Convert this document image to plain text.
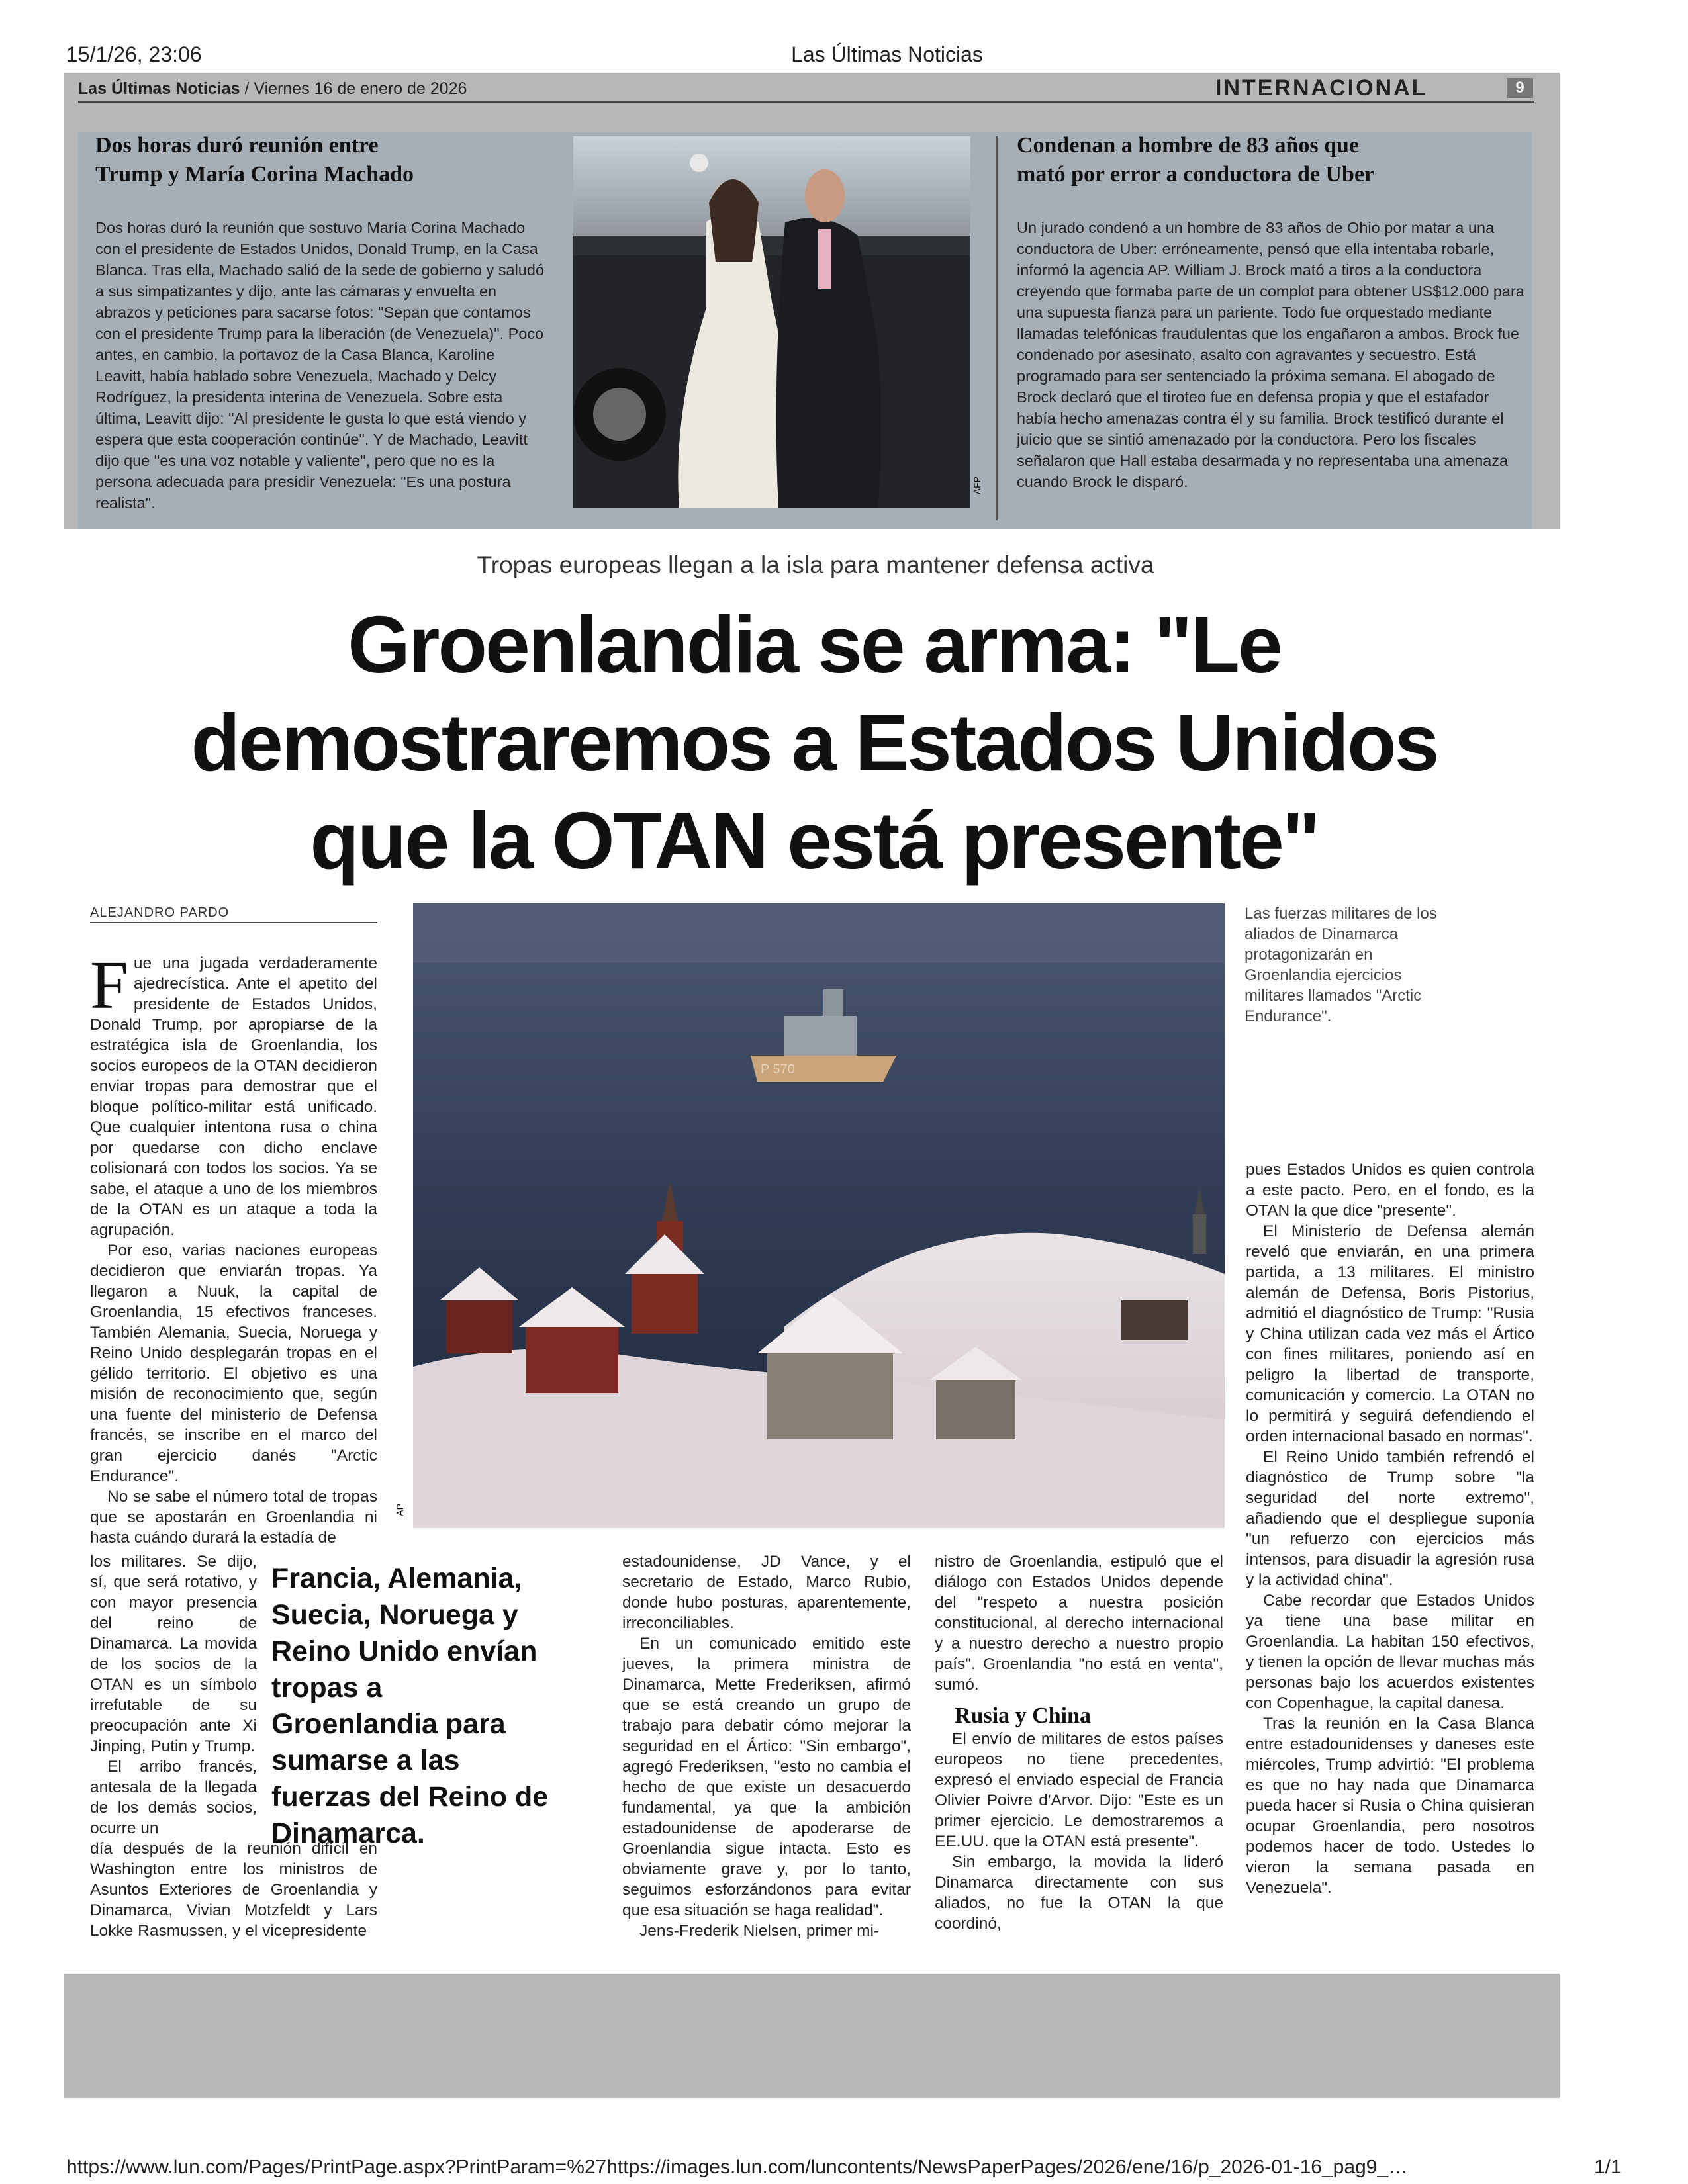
15/1/26, 23:06	Las Últimas Noticias
Las Últimas Noticias / Viernes 16 de enero de 2026	INTERNACIONAL	9
Dos horas duró reunión entre
Trump y María Corina Machado
Dos horas duró la reunión que sostuvo María Corina Machado con el presidente de Estados Unidos, Donald Trump, en la Casa Blanca. Tras ella, Machado salió de la sede de gobierno y saludó a sus simpatizantes y dijo, ante las cámaras y envuelta en abrazos y peticiones para sacarse fotos: "Sepan que contamos con el presidente Trump para la liberación (de Venezuela)". Poco antes, en cambio, la portavoz de la Casa Blanca, Karoline Leavitt, había hablado sobre Venezuela, Machado y Delcy Rodríguez, la presidenta interina de Venezuela. Sobre esta última, Leavitt dijo: "Al presidente le gusta lo que está viendo y espera que esta cooperación continúe". Y de Machado, Leavitt dijo que "es una voz notable y valiente", pero que no es la persona adecuada para presidir Venezuela: "Es una postura realista".
AFP
Condenan a hombre de 83 años que
mató por error a conductora de Uber
Un jurado condenó a un hombre de 83 años de Ohio por matar a una conductora de Uber: erróneamente, pensó que ella intentaba robarle, informó la agencia AP. William J. Brock mató a tiros a la conductora creyendo que formaba parte de un complot para obtener US$12.000 para una supuesta fianza para un pariente. Todo fue orquestado mediante llamadas telefónicas fraudulentas que los engañaron a ambos. Brock fue condenado por asesinato, asalto con agravantes y secuestro. Está programado para ser sentenciado la próxima semana. El abogado de Brock declaró que el tiroteo fue en defensa propia y que el estafador había hecho amenazas contra él y su familia. Brock testificó durante el juicio que se sintió amenazado por la conductora. Pero los fiscales señalaron que Hall estaba desarmada y no representaba una amenaza cuando Brock le disparó.
Tropas europeas llegan a la isla para mantener defensa activa
Groenlandia se arma: "Le
demostraremos a Estados Unidos
que la OTAN está presente"
ALEJANDRO PARDO
P 570
AP
Las fuerzas militares de los aliados de Dinamarca protagonizarán en Groenlandia ejercicios militares llamados "Arctic Endurance".

Fue una jugada verdaderamente ajedrecística. Ante el apetito del presidente de Estados Unidos, Donald Trump, por apropiarse de la estratégica isla de Groenlandia, los socios europeos de la OTAN decidieron enviar tropas para demostrar que el bloque político-militar está unificado. Que cualquier intentona rusa o china por quedarse con dicho enclave colisionará con todos los socios. Ya se sabe, el ataque a uno de los miembros de la OTAN es un ataque a toda la agrupación.

Por eso, varias naciones europeas decidieron que enviarán tropas. Ya llegaron a Nuuk, la capital de Groenlandia, 15 efectivos franceses. También Alemania, Suecia, Noruega y Reino Unido desplegarán tropas en el gélido territorio. El objetivo es una misión de reconocimiento que, según una fuente del ministerio de Defensa francés, se inscribe en el marco del gran ejercicio danés "Arctic Endurance".

No se sabe el número total de tropas que se apostarán en Groenlandia ni hasta cuándo durará la estadía de

los militares. Se dijo, sí, que será rotativo, y con mayor presencia del reino de Dinamarca. La movida de los socios de la OTAN es un símbolo irrefutable de su preocupación ante Xi Jinping, Putin y Trump.

El arribo francés, antesala de la llegada de los demás socios, ocurre un

día después de la reunión difícil en Washington entre los ministros de Asuntos Exteriores de Groenlandia y Dinamarca, Vivian Motzfeldt y Lars Lokke Rasmussen, y el vicepresidente

Francia, Alemania, Suecia, Noruega y Reino Unido envían tropas a Groenlandia para sumarse a las fuerzas del Reino de Dinamarca.

estadounidense, JD Vance, y el secretario de Estado, Marco Rubio, donde hubo posturas, aparentemente, irreconciliables.

En un comunicado emitido este jueves, la primera ministra de Dinamarca, Mette Frederiksen, afirmó que se está creando un grupo de trabajo para debatir cómo mejorar la seguridad en el Ártico: "Sin embargo", agregó Frederiksen, "esto no cambia el hecho de que existe un desacuerdo fundamental, ya que la ambición estadounidense de apoderarse de Groenlandia sigue intacta. Esto es obviamente grave y, por lo tanto, seguimos esforzándonos para evitar que esa situación se haga realidad".

Jens-Frederik Nielsen, primer mi-

nistro de Groenlandia, estipuló que el diálogo con Estados Unidos depende del "respeto a nuestra posición constitucional, al derecho internacional y a nuestro derecho a nuestro propio país". Groenlandia "no está en venta", sumó.

Rusia y China

El envío de militares de estos países europeos no tiene precedentes, expresó el enviado especial de Francia Olivier Poivre d'Arvor. Dijo: "Este es un primer ejercicio. Le demostraremos a EE.UU. que la OTAN está presente".

Sin embargo, la movida la lideró Dinamarca directamente con sus aliados, no fue la OTAN la que coordinó,

pues Estados Unidos es quien controla a este pacto. Pero, en el fondo, es la OTAN la que dice "presente".

El Ministerio de Defensa alemán reveló que enviarán, en una primera partida, a 13 militares. El ministro alemán de Defensa, Boris Pistorius, admitió el diagnóstico de Trump: "Rusia y China utilizan cada vez más el Ártico con fines militares, poniendo así en peligro la libertad de transporte, comunicación y comercio. La OTAN no lo permitirá y seguirá defendiendo el orden internacional basado en normas".

El Reino Unido también refrendó el diagnóstico de Trump sobre "la seguridad del norte extremo", añadiendo que el despliegue suponía "un refuerzo con ejercicios más intensos, para disuadir la agresión rusa y la actividad china".

Cabe recordar que Estados Unidos ya tiene una base militar en Groenlandia. La habitan 150 efectivos, y tienen la opción de llevar muchas más personas bajo los acuerdos existentes con Copenhague, la capital danesa.

Tras la reunión en la Casa Blanca entre estadounidenses y daneses este miércoles, Trump advirtió: "El problema es que no hay nada que Dinamarca pueda hacer si Rusia o China quisieran ocupar Groenlandia, pero nosotros podemos hacer de todo. Ustedes lo vieron la semana pasada en Venezuela".

https://www.lun.com/Pages/PrintPage.aspx?PrintParam=%27https://images.lun.com/luncontents/NewsPaperPages/2026/ene/16/p_2026-01-16_pag9_…	1/1
